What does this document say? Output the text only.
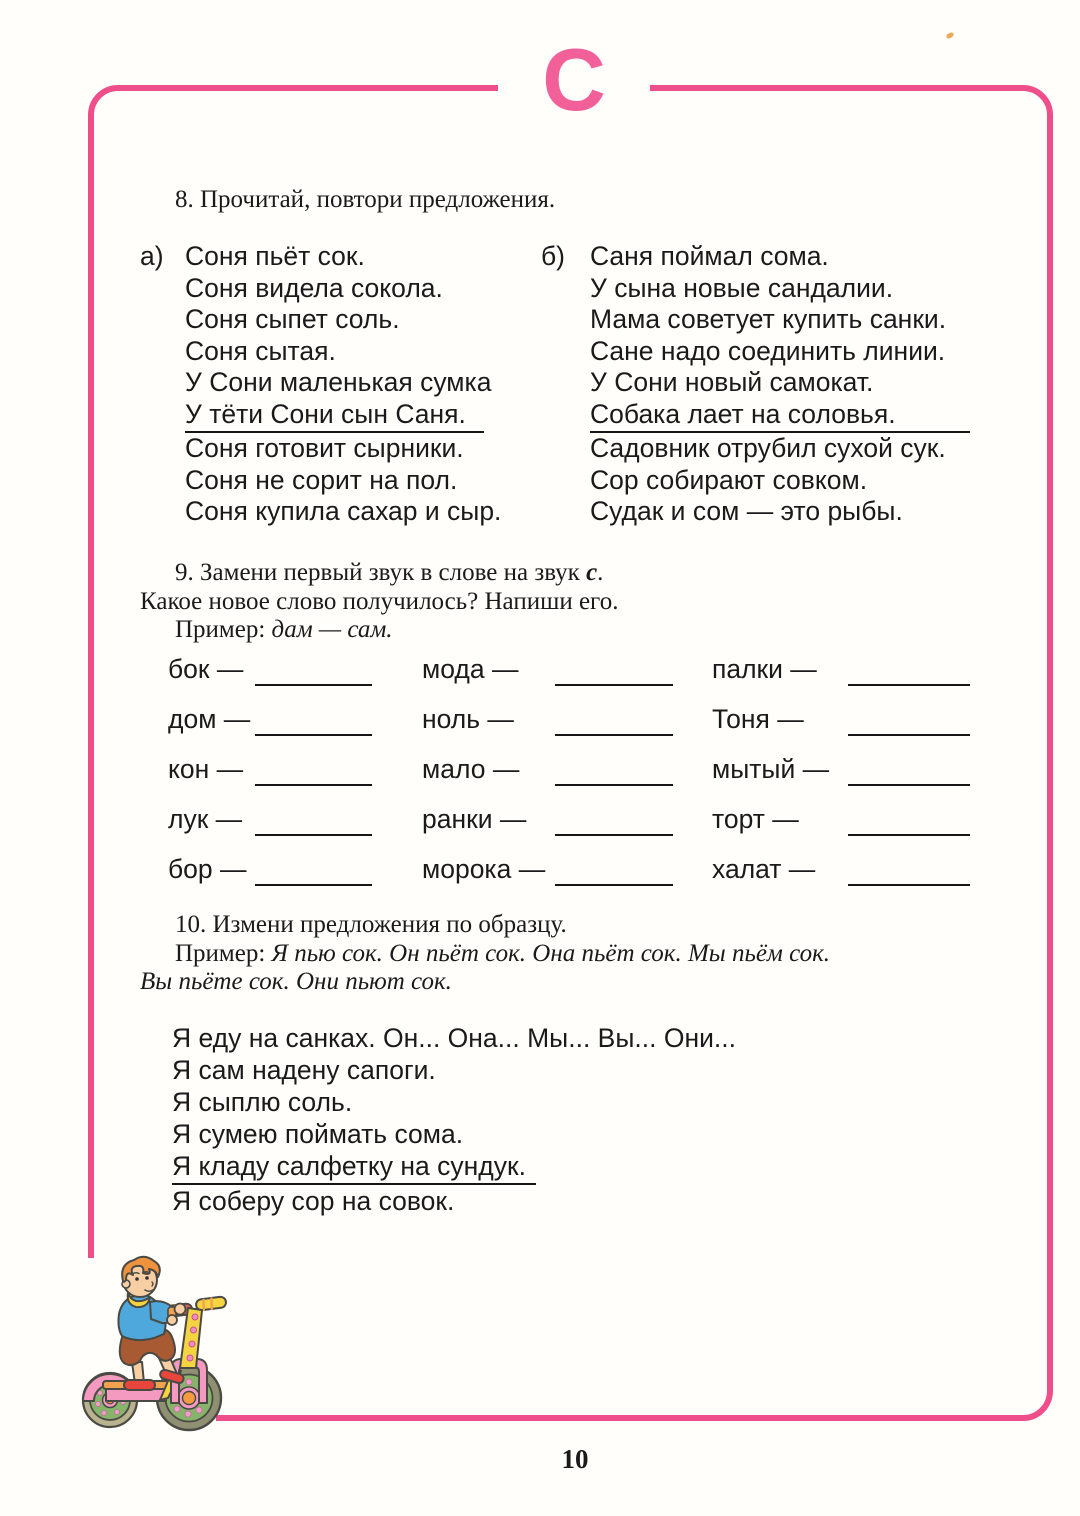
С
8. Прочитай, повтори предложения.
а) Соня пьёт сок.
Соня видела сокола.
Соня сыпет соль.
Соня сытая.
У Сони маленькая сумка
У тёти Сони сын Саня.
Соня готовит сырники.
Соня не сорит на пол.
Соня купила сахар и сыр.
б) Саня поймал сома.
У сына новые сандалии.
Мама советует купить санки.
Сане надо соединить линии.
У Сони новый самокат.
Собака лает на соловья.
Садовник отрубил сухой сук.
Сор собирают совком.
Судак и сом — это рыбы.
9. Замени первый звук в слове на звук с.
Какое новое слово получилось? Напиши его.
Пример: дам — сам.
бок —
дом —
кон —
лук —
бор —
мода —
ноль —
мало —
ранки —
морока —
палки —
Тоня —
мытый —
торт —
халат —
10. Измени предложения по образцу.
Пример: Я пью сок. Он пьёт сок. Она пьёт сок. Мы пьём сок.
Вы пьёте сок. Они пьют сок.
Я еду на санках. Он... Она... Мы... Вы... Они...
Я сам надену сапоги.
Я сыплю соль.
Я сумею поймать сома.
Я кладу салфетку на сундук.
Я соберу сор на совок.
10
